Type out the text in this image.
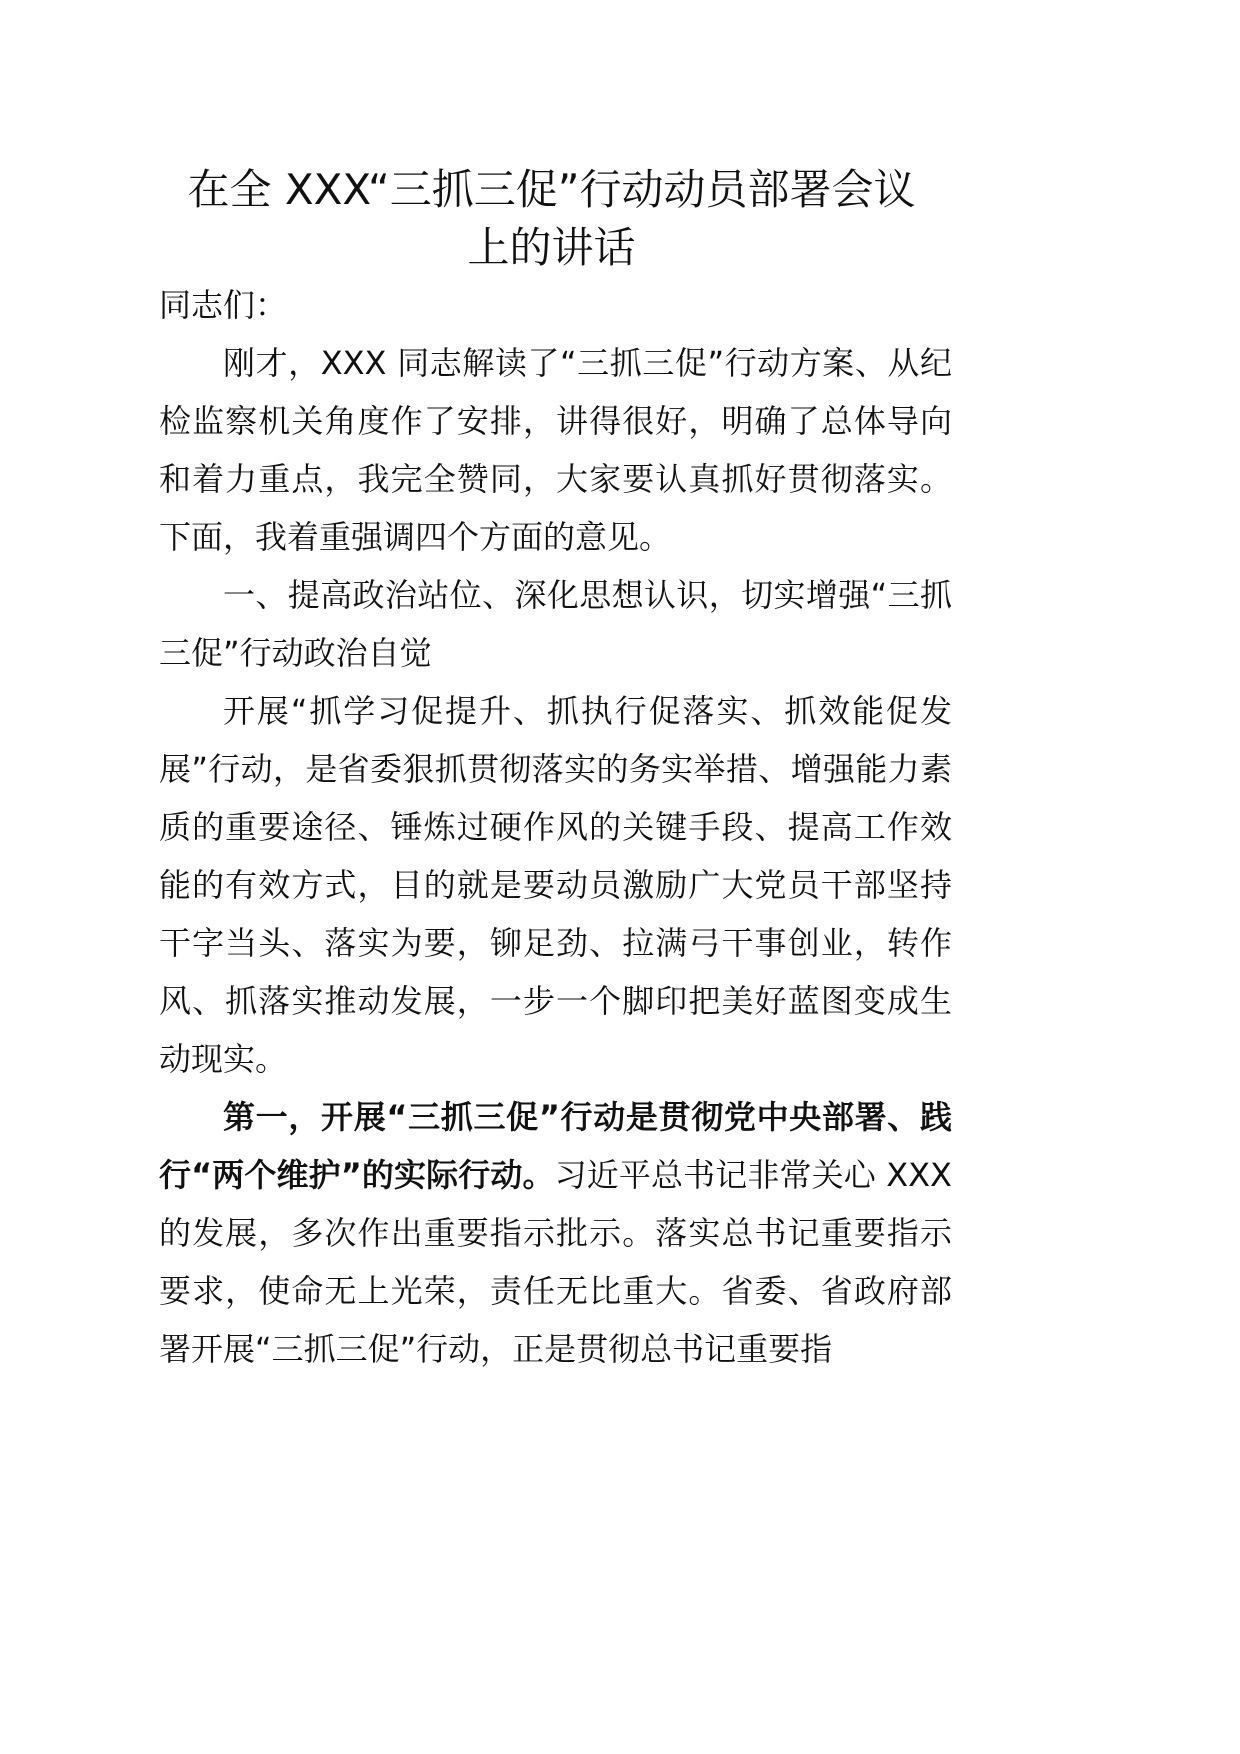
在全 XXX“三抓三促”行动动员部署会议
上的讲话

同志们：

刚才，XXX 同志解读了“三抓三促”行动方案、从纪检监察机关角度作了安排，讲得很好，明确了总体导向和着力重点，我完全赞同，大家要认真抓好贯彻落实。下面，我着重强调四个方面的意见。

一、提高政治站位、深化思想认识，切实增强“三抓三促”行动政治自觉

开展“抓学习促提升、抓执行促落实、抓效能促发展”行动，是省委狠抓贯彻落实的务实举措、增强能力素质的重要途径、锤炼过硬作风的关键手段、提高工作效能的有效方式，目的就是要动员激励广大党员干部坚持干字当头、落实为要，铆足劲、拉满弓干事创业，转作风、抓落实推动发展，一步一个脚印把美好蓝图变成生动现实。

第一，开展“三抓三促”行动是贯彻党中央部署、践行“两个维护”的实际行动。习近平总书记非常关心 XXX 的发展，多次作出重要指示批示。落实总书记重要指示要求，使命无上光荣，责任无比重大。省委、省政府部署开展“三抓三促”行动，正是贯彻总书记重要指
